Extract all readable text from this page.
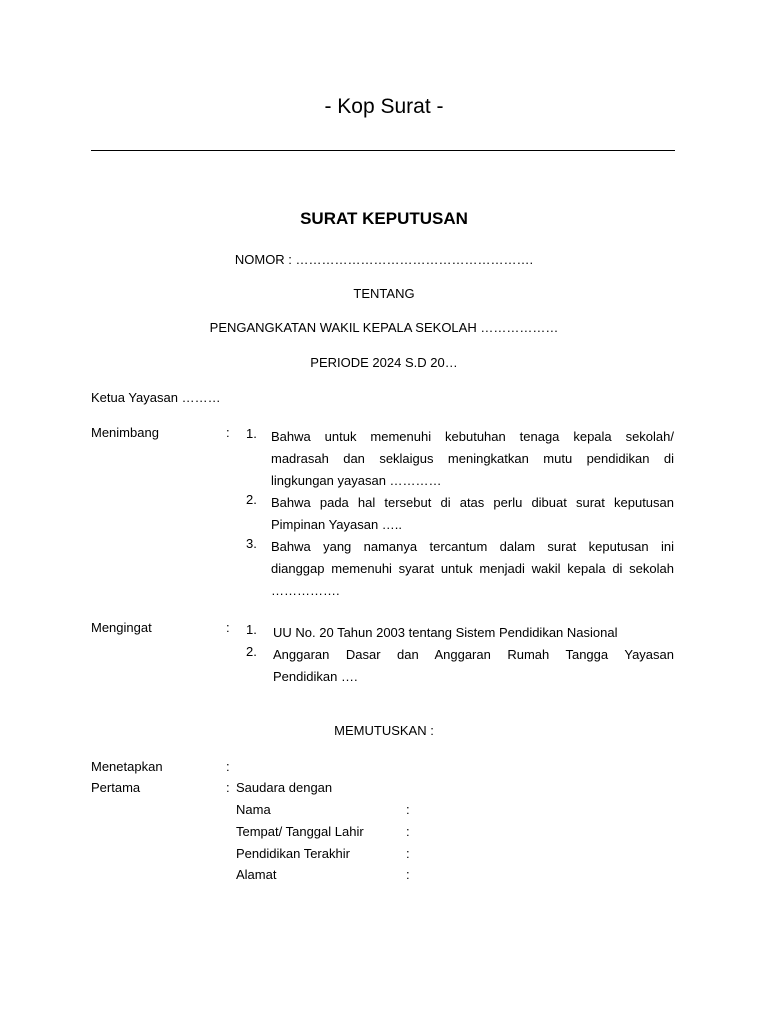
- Kop Surat -
SURAT KEPUTUSAN
NOMOR : ……………………………………………….
TENTANG
PENGANGKATAN WAKIL KEPALA SEKOLAH ………………
PERIODE 2024 S.D 20…
Ketua Yayasan ………
Menimbang	: 1. Bahwa untuk memenuhi kebutuhan tenaga kepala sekolah/
madrasah dan seklaigus meningkatkan mutu pendidikan di
lingkungan yayasan …………
2. Bahwa pada hal tersebut di atas perlu dibuat surat keputusan
Pimpinan Yayasan …..
3. Bahwa yang namanya tercantum dalam surat keputusan ini
dianggap memenuhi syarat untuk menjadi wakil kepala di sekolah
…………….
Mengingat	: 1. UU No. 20 Tahun 2003 tentang Sistem Pendidikan Nasional
2. Anggaran Dasar dan Anggaran Rumah Tangga Yayasan
Pendidikan ….
MEMUTUSKAN :
Menetapkan	:
Pertama	: Saudara dengan
Nama	:
Tempat/ Tanggal Lahir	:
Pendidikan Terakhir	:
Alamat	:
